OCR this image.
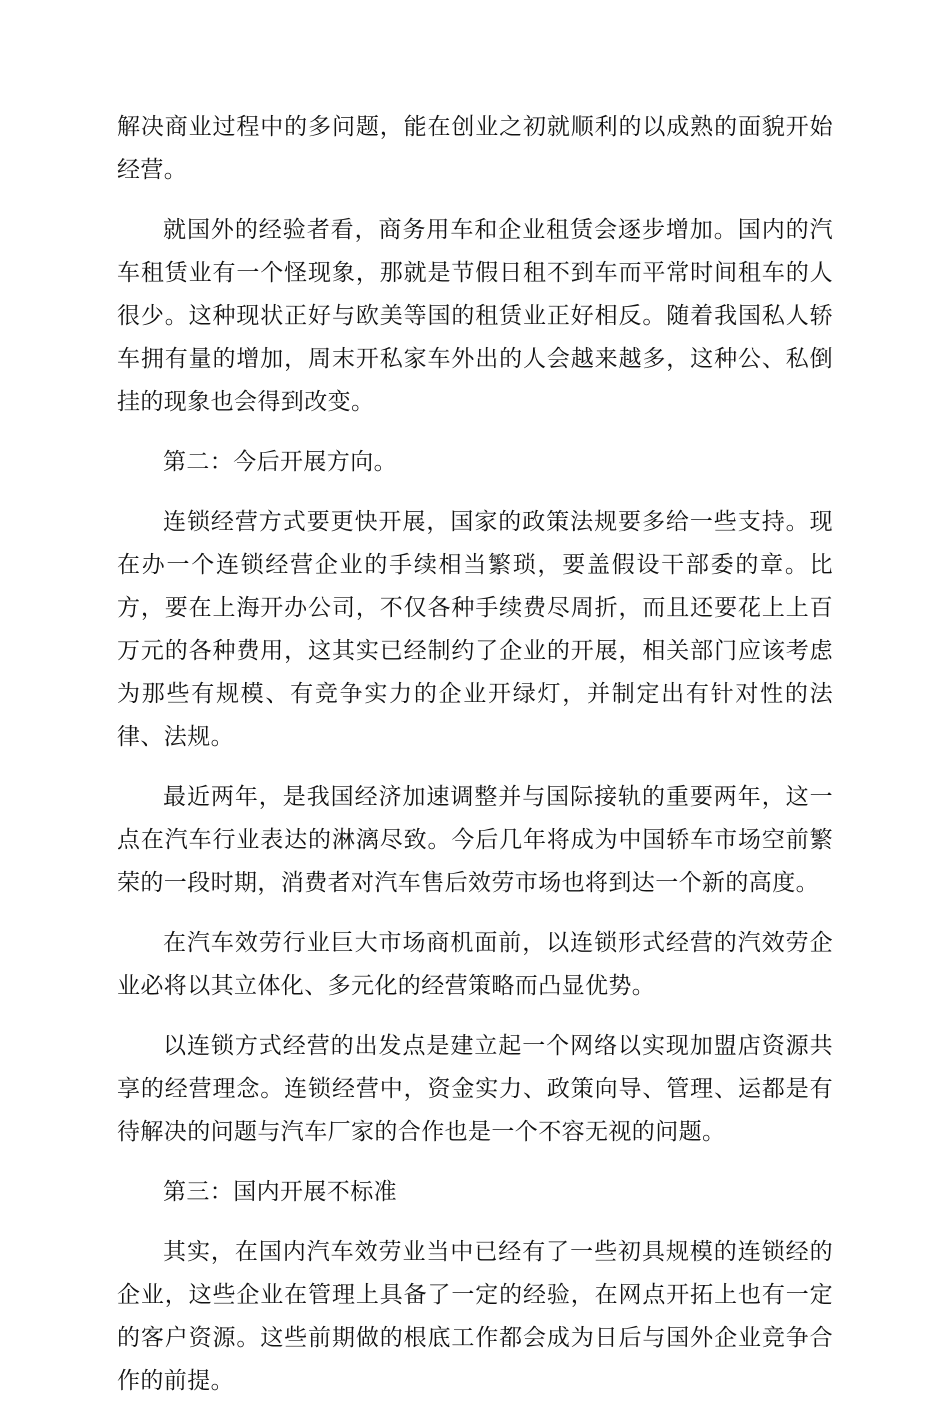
解决商业过程中的多问题，能在创业之初就顺利的以成熟的面貌开始经营。

就国外的经验者看，商务用车和企业租赁会逐步增加。国内的汽车租赁业有一个怪现象，那就是节假日租不到车而平常时间租车的人很少。这种现状正好与欧美等国的租赁业正好相反。随着我国私人轿车拥有量的增加，周末开私家车外出的人会越来越多，这种公、私倒挂的现象也会得到改变。

第二：今后开展方向。

连锁经营方式要更快开展，国家的政策法规要多给一些支持。现在办一个连锁经营企业的手续相当繁琐，要盖假设干部委的章。比方，要在上海开办公司，不仅各种手续费尽周折，而且还要花上上百万元的各种费用，这其实已经制约了企业的开展，相关部门应该考虑为那些有规模、有竞争实力的企业开绿灯，并制定出有针对性的法律、法规。

最近两年，是我国经济加速调整并与国际接轨的重要两年，这一点在汽车行业表达的淋漓尽致。今后几年将成为中国轿车市场空前繁荣的一段时期，消费者对汽车售后效劳市场也将到达一个新的高度。

在汽车效劳行业巨大市场商机面前，以连锁形式经营的汽效劳企业必将以其立体化、多元化的经营策略而凸显优势。

以连锁方式经营的出发点是建立起一个网络以实现加盟店资源共享的经营理念。连锁经营中，资金实力、政策向导、管理、运都是有待解决的问题与汽车厂家的合作也是一个不容无视的问题。

第三：国内开展不标准

其实，在国内汽车效劳业当中已经有了一些初具规模的连锁经的企业，这些企业在管理上具备了一定的经验，在网点开拓上也有一定的客户资源。这些前期做的根底工作都会成为日后与国外企业竞争合作的前提。
